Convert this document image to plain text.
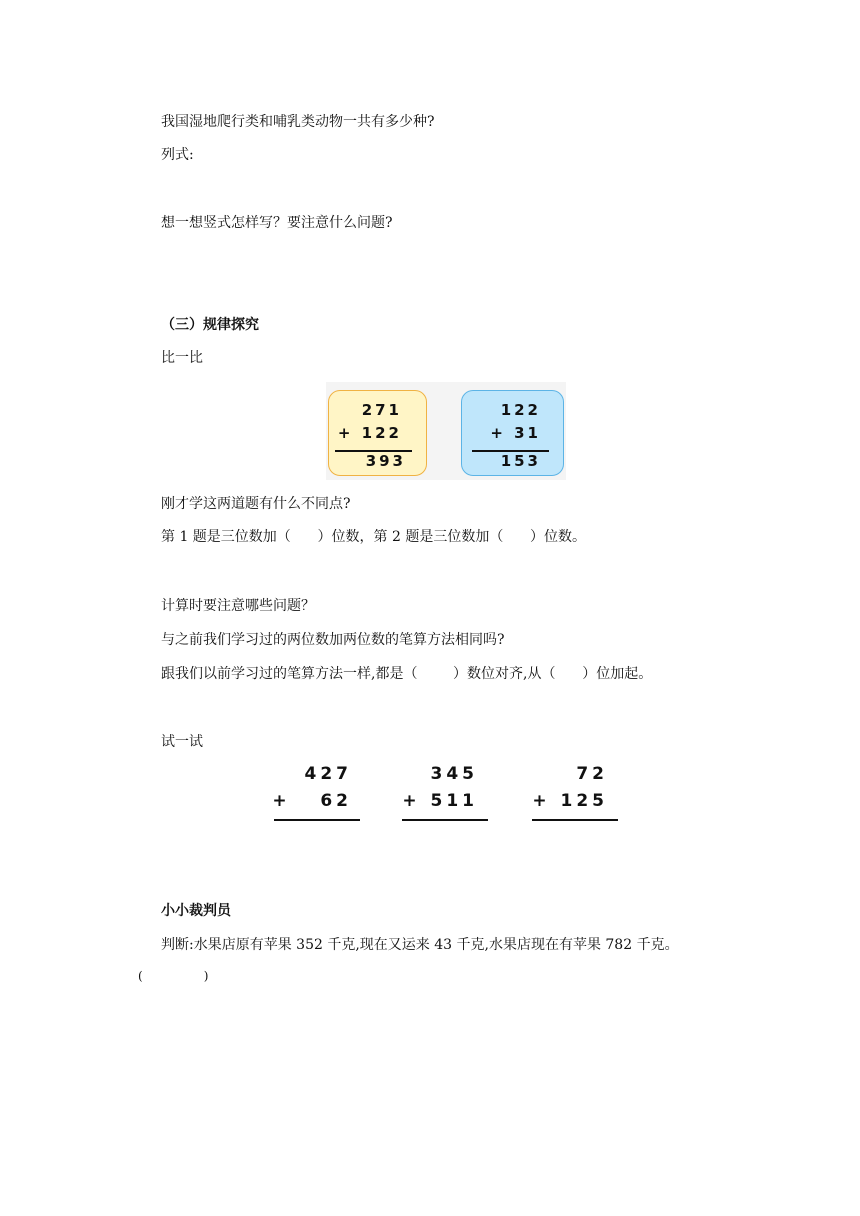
我国湿地爬行类和哺乳类动物一共有多少种?
列式:
想一想竖式怎样写？要注意什么问题?
（三）规律探究
比一比
271
+ 122
393
122
+ 31
153
刚才学这两道题有什么不同点?
第 1 题是三位数加（      ）位数，第 2 题是三位数加（      ）位数。
计算时要注意哪些问题？
与之前我们学习过的两位数加两位数的笔算方法相同吗?
跟我们以前学习过的笔算方法一样,都是（        ）数位对齐,从（      ）位加起。
试一试
427
+   62
345
+ 511
72
+ 125
小小裁判员
判断:水果店原有苹果 352 千克,现在又运来 43 千克,水果店现在有苹果 782 千克。
(                )
